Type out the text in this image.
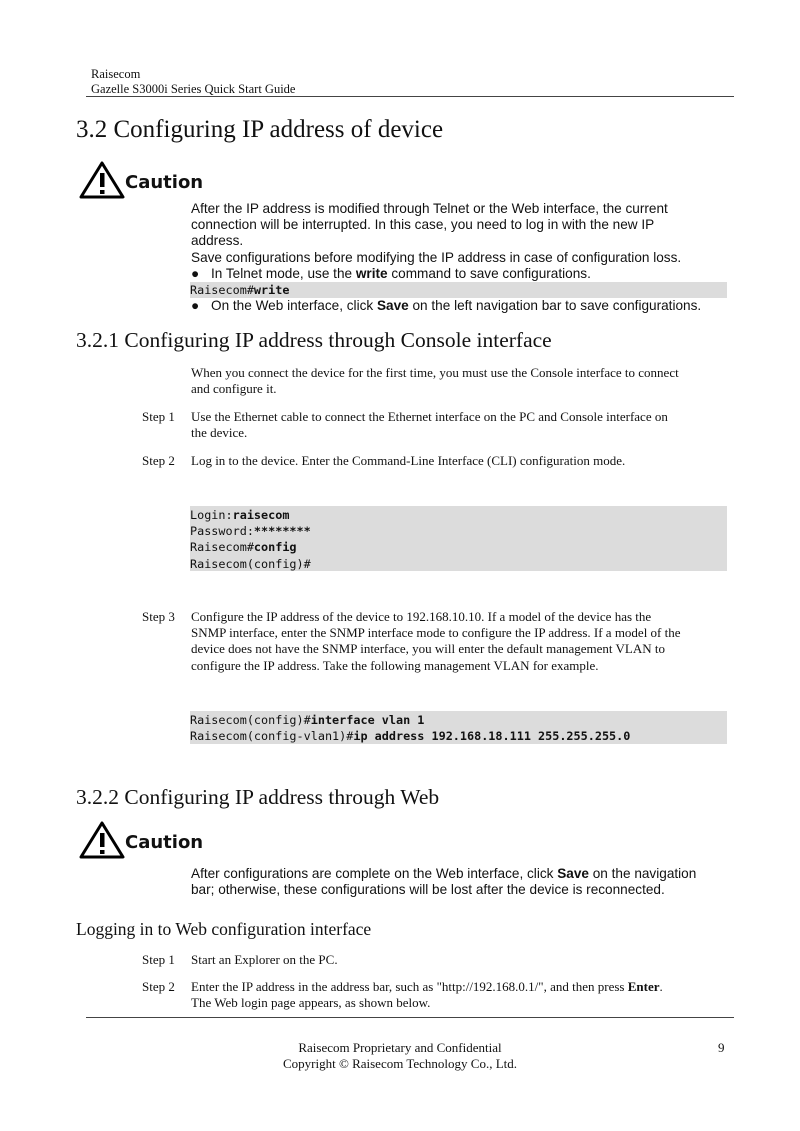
Raisecom
Gazelle S3000i Series Quick Start Guide
3.2 Configuring IP address of device
Caution
After the IP address is modified through Telnet or the Web interface, the current
connection will be interrupted. In this case, you need to log in with the new IP
address.
Save configurations before modifying the IP address in case of configuration loss.
● In Telnet mode, use the write command to save configurations.
Raisecom#write
● On the Web interface, click Save on the left navigation bar to save configurations.
3.2.1 Configuring IP address through Console interface
When you connect the device for the first time, you must use the Console interface to connect
and configure it.
Step 1 Use the Ethernet cable to connect the Ethernet interface on the PC and Console interface on
the device.
Step 2 Log in to the device. Enter the Command-Line Interface (CLI) configuration mode.
Login:raisecom
Password:********
Raisecom#config
Raisecom(config)#
Step 3 Configure the IP address of the device to 192.168.10.10. If a model of the device has the
SNMP interface, enter the SNMP interface mode to configure the IP address. If a model of the
device does not have the SNMP interface, you will enter the default management VLAN to
configure the IP address. Take the following management VLAN for example.
Raisecom(config)#interface vlan 1
Raisecom(config-vlan1)#ip address 192.168.18.111 255.255.255.0
3.2.2 Configuring IP address through Web
Caution
After configurations are complete on the Web interface, click Save on the navigation
bar; otherwise, these configurations will be lost after the device is reconnected.
Logging in to Web configuration interface
Step 1 Start an Explorer on the PC.
Step 2 Enter the IP address in the address bar, such as "http://192.168.0.1/", and then press Enter.
The Web login page appears, as shown below.
Raisecom Proprietary and Confidential
Copyright © Raisecom Technology Co., Ltd.
9
